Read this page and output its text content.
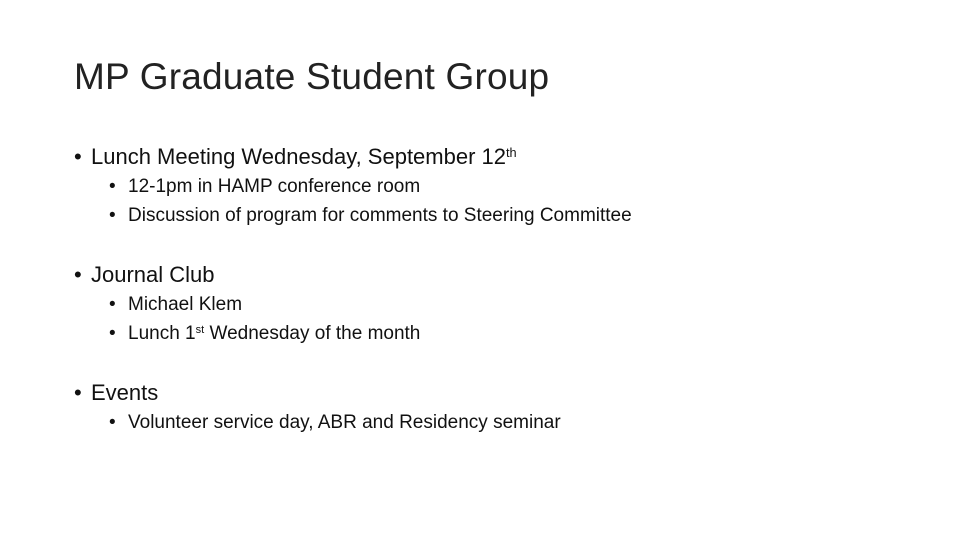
MP Graduate Student Group
• Lunch Meeting Wednesday, September 12th
• 12-1pm in HAMP conference room
• Discussion of program for comments to Steering Committee
• Journal Club
• Michael Klem
• Lunch 1st Wednesday of the month
• Events
• Volunteer service day, ABR and Residency seminar
